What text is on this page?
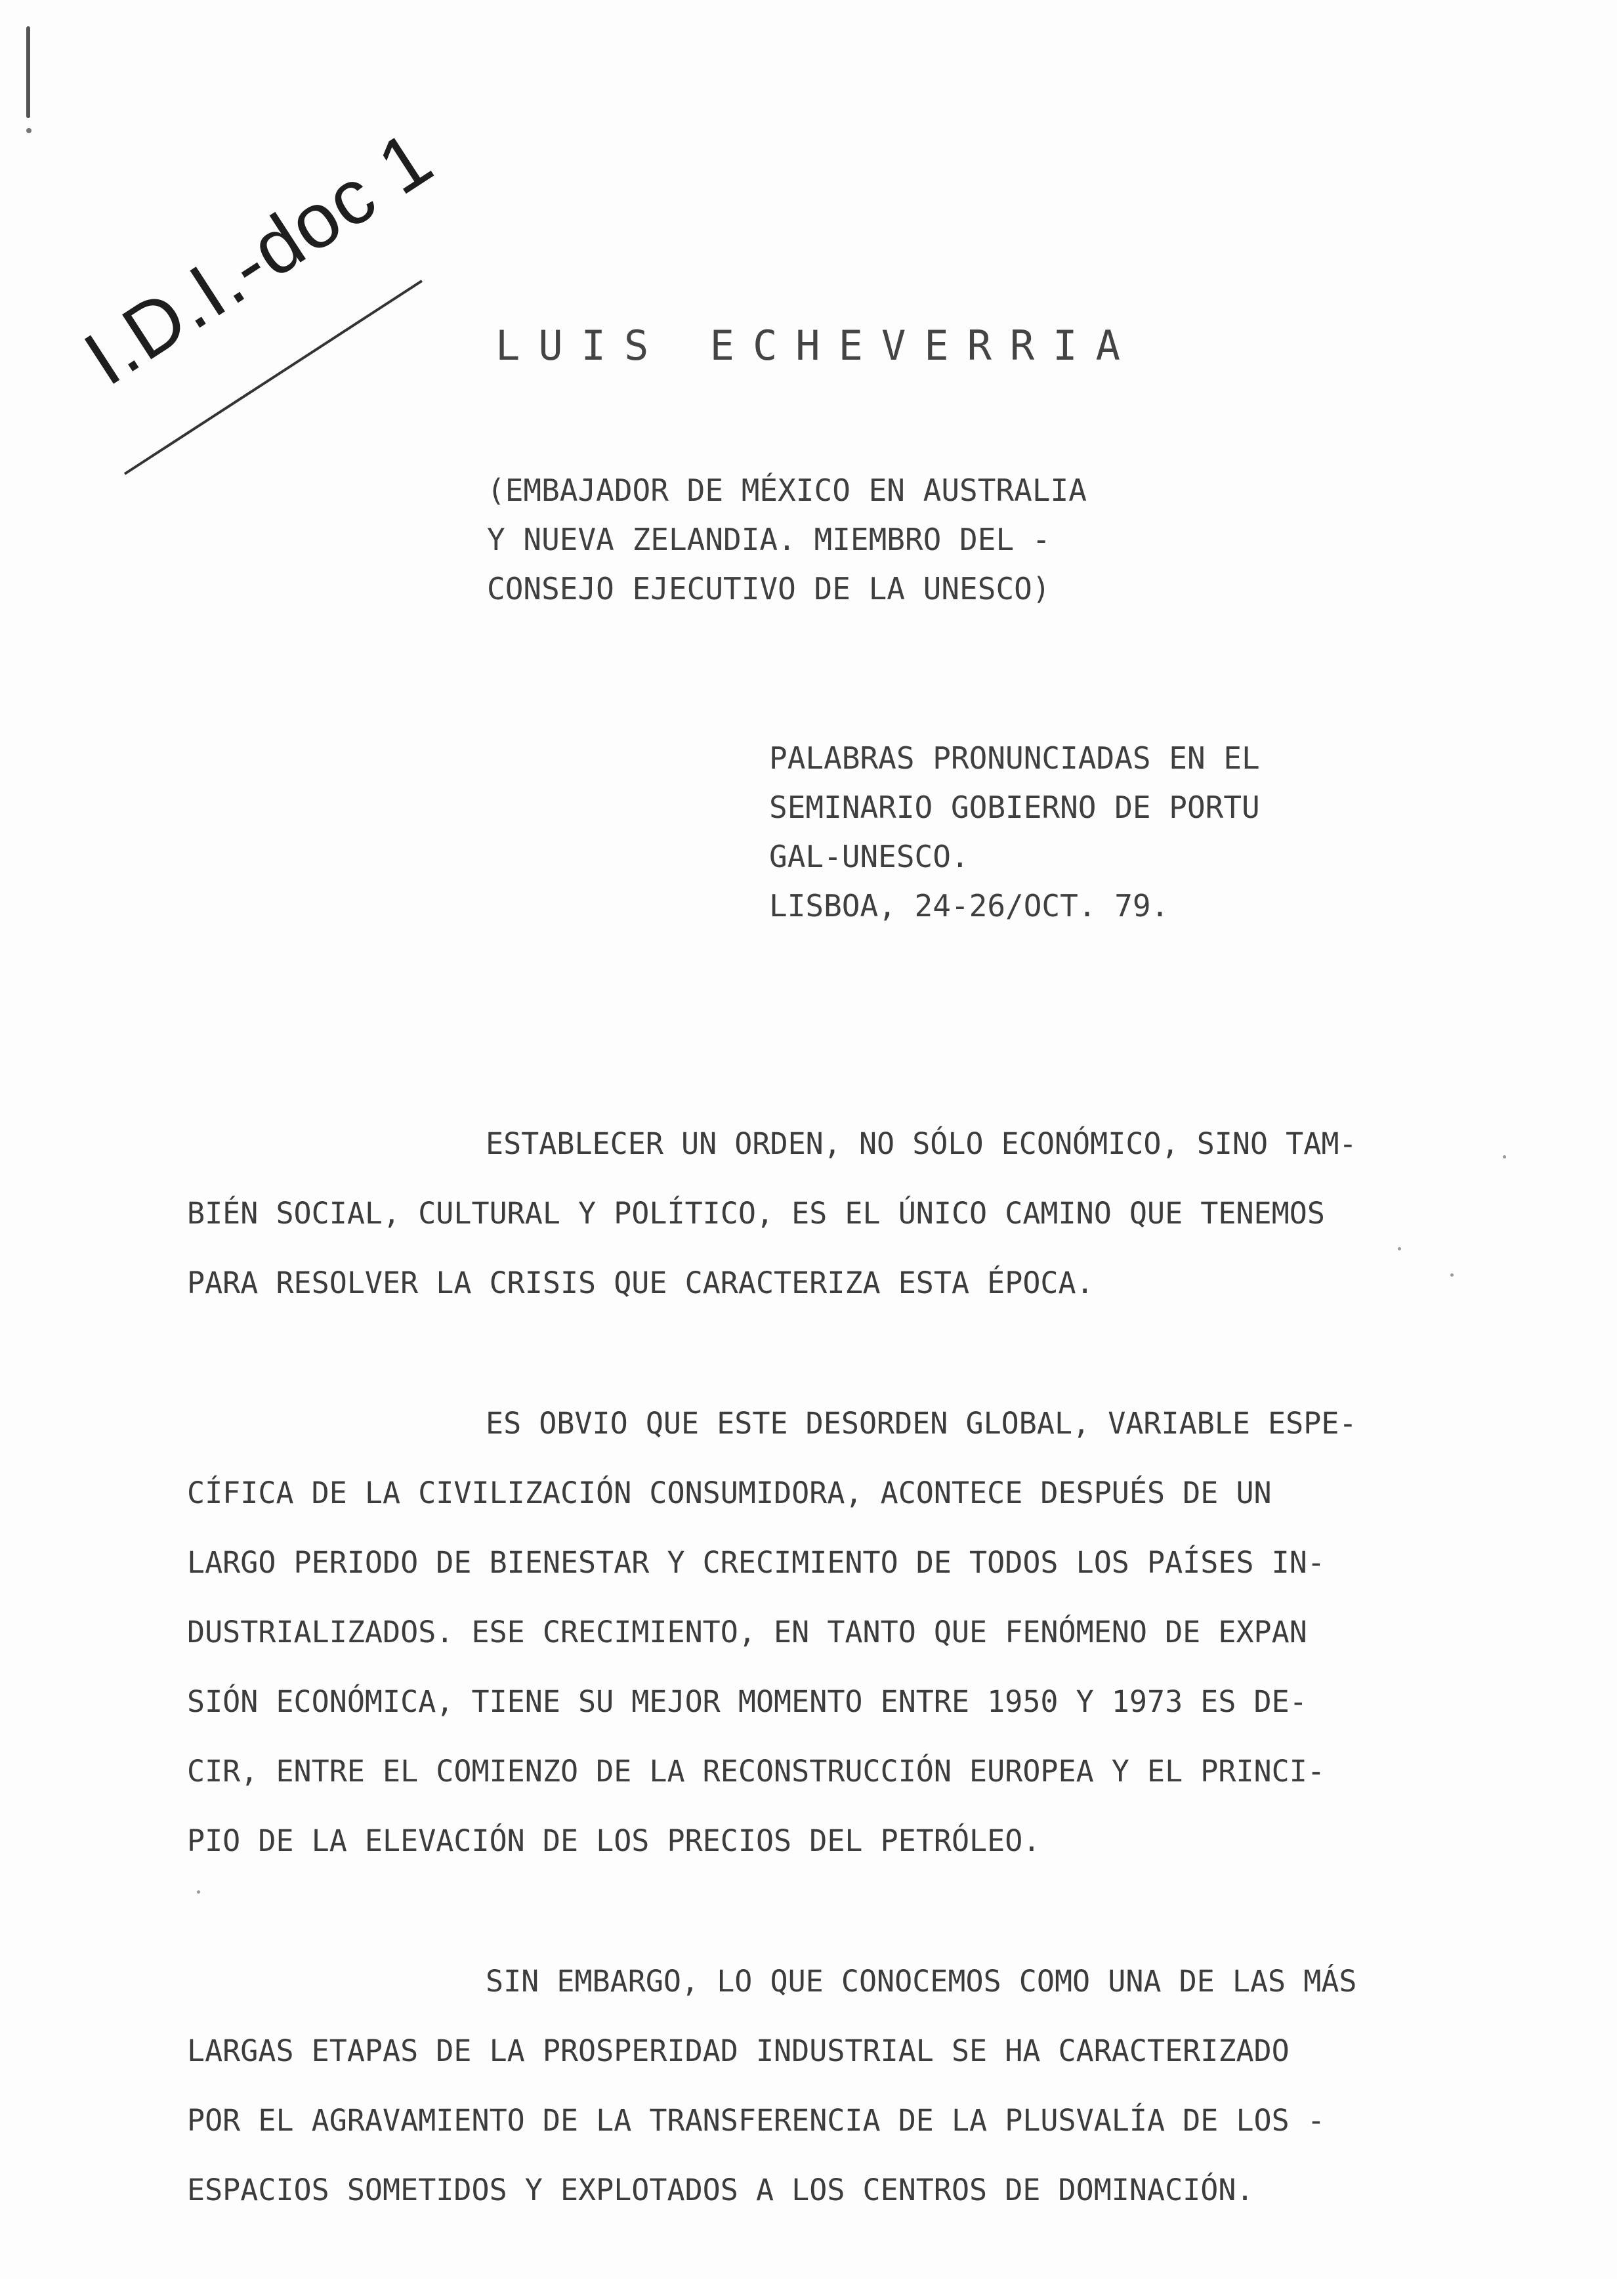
I.D.I.-doc 1 LUIS ECHEVERRIA
(EMBAJADOR DE MÉXICO EN AUSTRALIA
Y NUEVA ZELANDIA. MIEMBRO DEL -
CONSEJO EJECUTIVO DE LA UNESCO)
PALABRAS PRONUNCIADAS EN EL
SEMINARIO GOBIERNO DE PORTU
GAL-UNESCO.
LISBOA, 24-26/OCT. 79.
ESTABLECER UN ORDEN, NO SÓLO ECONÓMICO, SINO TAM-
BIÉN SOCIAL, CULTURAL Y POLÍTICO, ES EL ÚNICO CAMINO QUE TENEMOS
PARA RESOLVER LA CRISIS QUE CARACTERIZA ESTA ÉPOCA.
ES OBVIO QUE ESTE DESORDEN GLOBAL, VARIABLE ESPE-
CÍFICA DE LA CIVILIZACIÓN CONSUMIDORA, ACONTECE DESPUÉS DE UN
LARGO PERIODO DE BIENESTAR Y CRECIMIENTO DE TODOS LOS PAÍSES IN-
DUSTRIALIZADOS. ESE CRECIMIENTO, EN TANTO QUE FENÓMENO DE EXPAN
SIÓN ECONÓMICA, TIENE SU MEJOR MOMENTO ENTRE 1950 Y 1973 ES DE-
CIR, ENTRE EL COMIENZO DE LA RECONSTRUCCIÓN EUROPEA Y EL PRINCI-
PIO DE LA ELEVACIÓN DE LOS PRECIOS DEL PETRÓLEO.
SIN EMBARGO, LO QUE CONOCEMOS COMO UNA DE LAS MÁS
LARGAS ETAPAS DE LA PROSPERIDAD INDUSTRIAL SE HA CARACTERIZADO
POR EL AGRAVAMIENTO DE LA TRANSFERENCIA DE LA PLUSVALÍA DE LOS -
ESPACIOS SOMETIDOS Y EXPLOTADOS A LOS CENTROS DE DOMINACIÓN.
